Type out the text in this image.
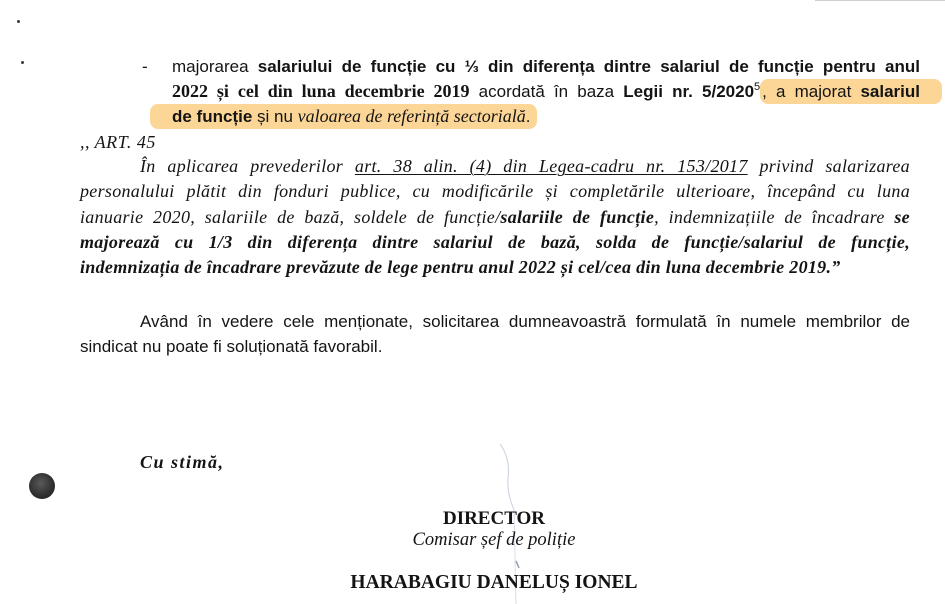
- majorarea salariului de funcție cu ⅓ din diferența dintre salariul de funcție pentru anul
2022 și cel din luna decembrie 2019 acordată în baza Legii nr. 5/2020$^5$ , a majorat salariul
de funcție și nu valoarea de referință sectorială.
,, ART. 45
În aplicarea prevederilor art. 38 alin. (4) din Legea-cadru nr. 153/2017 privind salarizarea
personalului plătit din fonduri publice, cu modificările și completările ulterioare, începând cu luna
ianuarie 2020, salariile de bază, soldele de funcție/salariile de funcție, indemnizațiile de încadrare se
majorează cu 1/3 din diferența dintre salariul de bază, solda de funcție/salariul de funcție,
indemnizația de încadrare prevăzute de lege pentru anul 2022 și cel/cea din luna decembrie 2019.”
Având în vedere cele menționate, solicitarea dumneavoastră formulată în numele membrilor de
sindicat nu poate fi soluționată favorabil.
Cu stimă,
DIRECTOR
Comisar șef de poliție
HARABAGIU DANELUȘ IONEL
